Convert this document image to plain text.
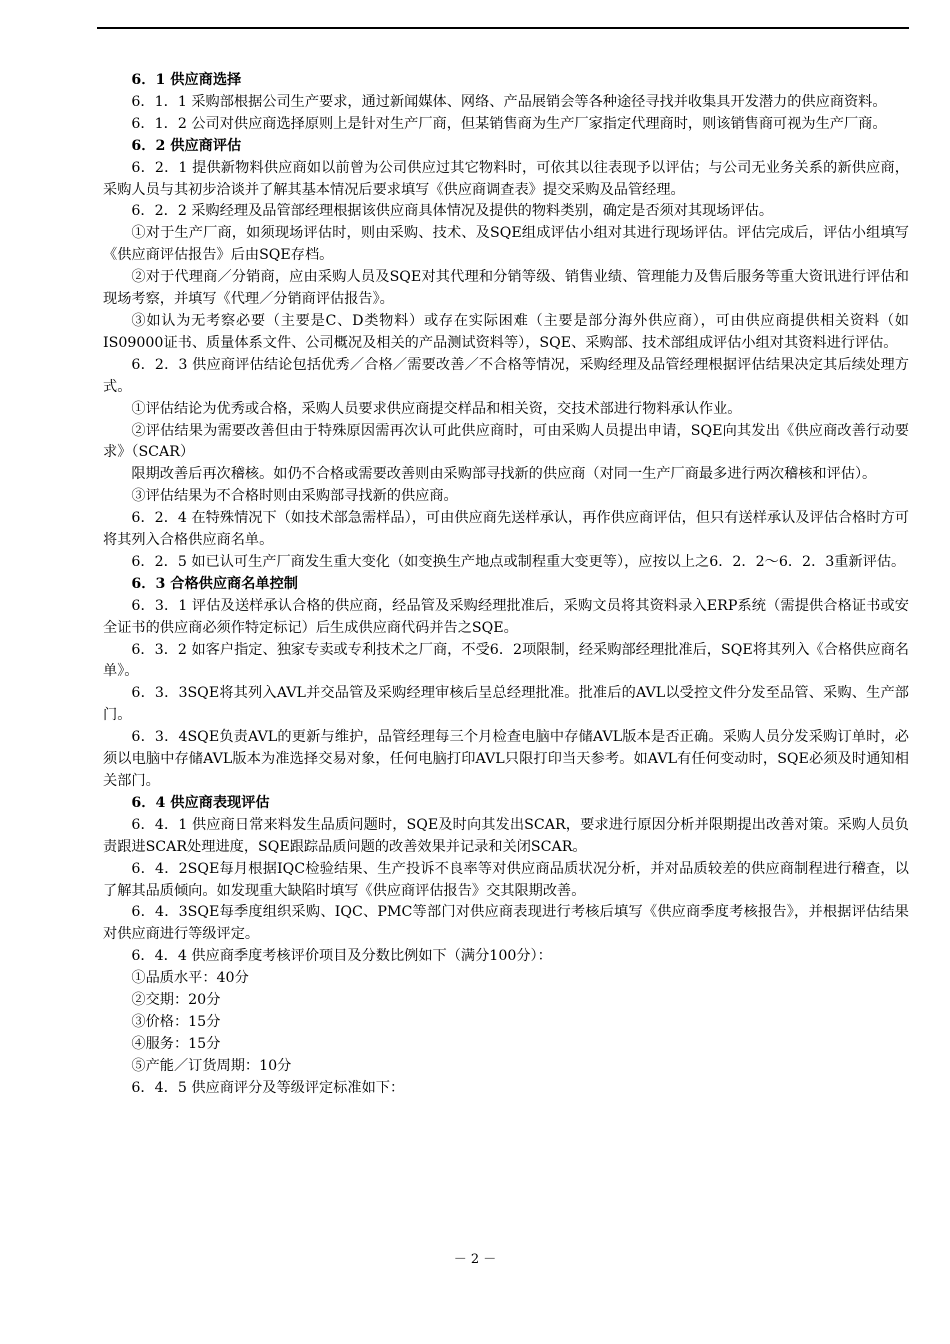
6．1 供应商选择

6．1．1 采购部根据公司生产要求，通过新闻媒体、网络、产品展销会等各种途径寻找并收集具开发潜力的供应商资料。

6．1．2 公司对供应商选择原则上是针对生产厂商，但某销售商为生产厂家指定代理商时，则该销售商可视为生产厂商。

6．2 供应商评估

6．2．1 提供新物料供应商如以前曾为公司供应过其它物料时，可依其以往表现予以评估；与公司无业务关系的新供应商，采购人员与其初步洽谈并了解其基本情况后要求填写《供应商调查表》提交采购及品管经理。

6．2．2 采购经理及品管部经理根据该供应商具体情况及提供的物料类别，确定是否须对其现场评估。

①对于生产厂商，如须现场评估时，则由采购、技术、及SQE组成评估小组对其进行现场评估。评估完成后，评估小组填写《供应商评估报告》后由SQE存档。

②对于代理商／分销商，应由采购人员及SQE对其代理和分销等级、销售业绩、管理能力及售后服务等重大资讯进行评估和现场考察，并填写《代理／分销商评估报告》。

③如认为无考察必要（主要是C、D类物料）或存在实际困难（主要是部分海外供应商），可由供应商提供相关资料（如IS09000证书、质量体系文件、公司概况及相关的产品测试资料等），SQE、采购部、技术部组成评估小组对其资料进行评估。

6．2．3 供应商评估结论包括优秀／合格／需要改善／不合格等情况，采购经理及品管经理根据评估结果决定其后续处理方式。

①评估结论为优秀或合格，采购人员要求供应商提交样品和相关资，交技术部进行物料承认作业。

②评估结果为需要改善但由于特殊原因需再次认可此供应商时，可由采购人员提出申请，SQE向其发出《供应商改善行动要求》（SCAR）

限期改善后再次稽核。如仍不合格或需要改善则由采购部寻找新的供应商（对同一生产厂商最多进行两次稽核和评估）。

③评估结果为不合格时则由采购部寻找新的供应商。

6．2．4 在特殊情况下（如技术部急需样品），可由供应商先送样承认，再作供应商评估，但只有送样承认及评估合格时方可将其列入合格供应商名单。

6．2．5 如已认可生产厂商发生重大变化（如变换生产地点或制程重大变更等），应按以上之6．2．2～6．2．3重新评估。

6．3 合格供应商名单控制

6．3．1 评估及送样承认合格的供应商，经品管及采购经理批准后，采购文员将其资料录入ERP系统（需提供合格证书或安全证书的供应商必须作特定标记）后生成供应商代码并告之SQE。

6．3．2 如客户指定、独家专卖或专利技术之厂商，不受6．2项限制，经采购部经理批准后，SQE将其列入《合格供应商名单》。

6．3．3SQE将其列入AVL并交品管及采购经理审核后呈总经理批准。批准后的AVL以受控文件分发至品管、采购、生产部门。

6．3．4SQE负责AVL的更新与维护，品管经理每三个月检查电脑中存储AVL版本是否正确。采购人员分发采购订单时，必须以电脑中存储AVL版本为准选择交易对象，任何电脑打印AVL只限打印当天参考。如AVL有任何变动时，SQE必须及时通知相关部门。

6．4 供应商表现评估

6．4．1 供应商日常来料发生品质问题时，SQE及时向其发出SCAR，要求进行原因分析并限期提出改善对策。采购人员负责跟进SCAR处理进度，SQE跟踪品质问题的改善效果并记录和关闭SCAR。

6．4．2SQE每月根据IQC检验结果、生产投诉不良率等对供应商品质状况分析，并对品质较差的供应商制程进行稽查，以了解其品质倾向。如发现重大缺陷时填写《供应商评估报告》交其限期改善。

6．4．3SQE每季度组织采购、IQC、PMC等部门对供应商表现进行考核后填写《供应商季度考核报告》，并根据评估结果对供应商进行等级评定。

6．4．4 供应商季度考核评价项目及分数比例如下（满分100分）：

①品质水平：40分

②交期：20分

③价格：15分

④服务：15分

⑤产能／订货周期：10分

6．4．5 供应商评分及等级评定标准如下：

－ 2 －
